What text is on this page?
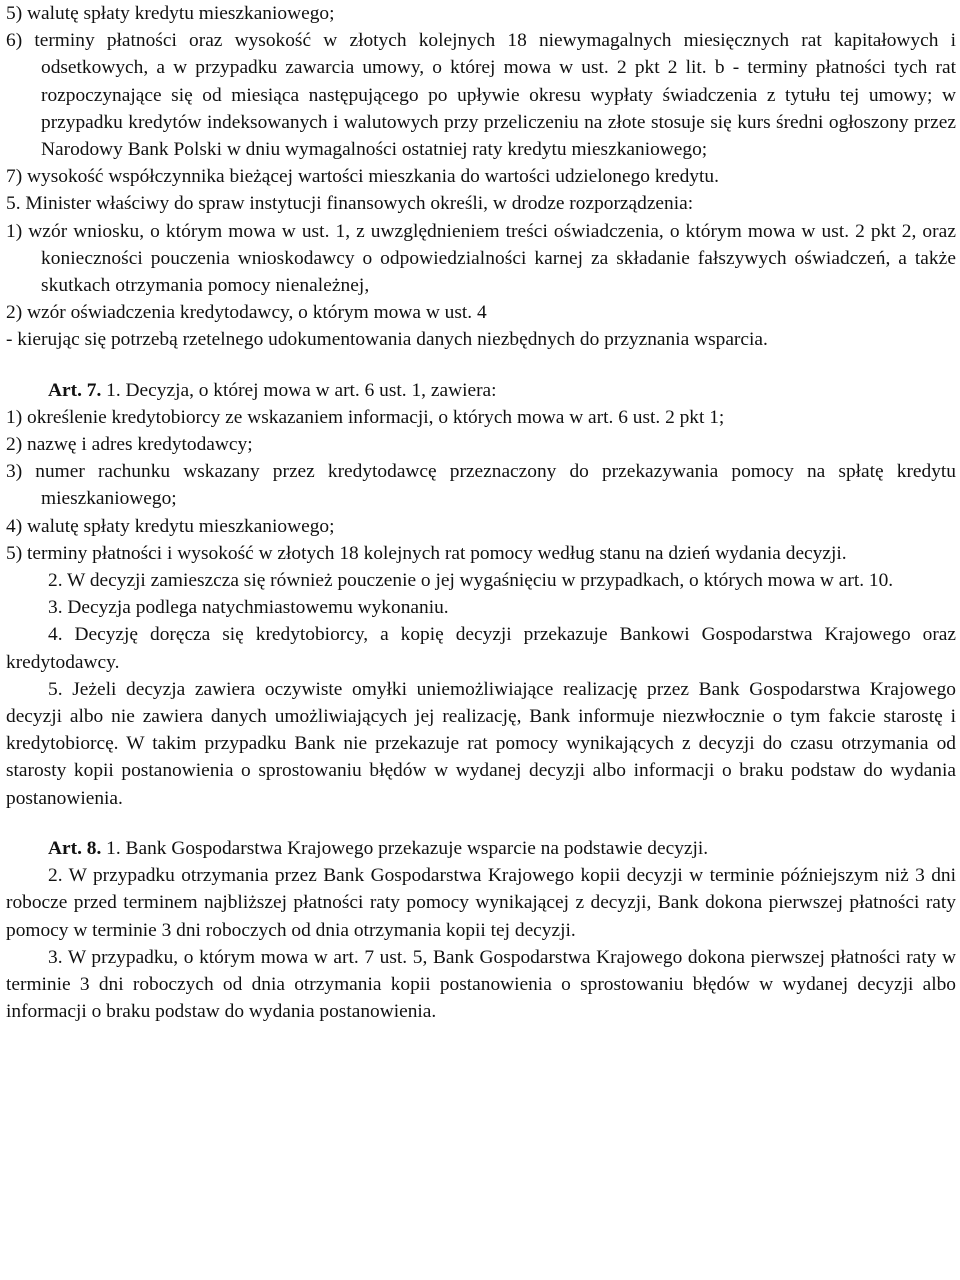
5) walutę spłaty kredytu mieszkaniowego;

6) terminy płatności oraz wysokość w złotych kolejnych 18 niewymagalnych miesięcznych rat kapitałowych i odsetkowych, a w przypadku zawarcia umowy, o której mowa w ust. 2 pkt 2 lit. b - terminy płatności tych rat rozpoczynające się od miesiąca następującego po upływie okresu wypłaty świadczenia z tytułu tej umowy; w przypadku kredytów indeksowanych i walutowych przy przeliczeniu na złote stosuje się kurs średni ogłoszony przez Narodowy Bank Polski w dniu wymagalności ostatniej raty kredytu mieszkaniowego;

7) wysokość współczynnika bieżącej wartości mieszkania do wartości udzielonego kredytu.

5. Minister właściwy do spraw instytucji finansowych określi, w drodze rozporządzenia:

1) wzór wniosku, o którym mowa w ust. 1, z uwzględnieniem treści oświadczenia, o którym mowa w ust. 2 pkt 2, oraz konieczności pouczenia wnioskodawcy o odpowiedzialności karnej za składanie fałszywych oświadczeń, a także skutkach otrzymania pomocy nienależnej,

2) wzór oświadczenia kredytodawcy, o którym mowa w ust. 4

- kierując się potrzebą rzetelnego udokumentowania danych niezbędnych do przyznania wsparcia.

Art. 7. 1. Decyzja, o której mowa w art. 6 ust. 1, zawiera:

1) określenie kredytobiorcy ze wskazaniem informacji, o których mowa w art. 6 ust. 2 pkt 1;

2) nazwę i adres kredytodawcy;

3) numer rachunku wskazany przez kredytodawcę przeznaczony do przekazywania pomocy na spłatę kredytu mieszkaniowego;

4) walutę spłaty kredytu mieszkaniowego;

5) terminy płatności i wysokość w złotych 18 kolejnych rat pomocy według stanu na dzień wydania decyzji.

2. W decyzji zamieszcza się również pouczenie o jej wygaśnięciu w przypadkach, o których mowa w art. 10.

3. Decyzja podlega natychmiastowemu wykonaniu.

4. Decyzję doręcza się kredytobiorcy, a kopię decyzji przekazuje Bankowi Gospodarstwa Krajowego oraz kredytodawcy.

5. Jeżeli decyzja zawiera oczywiste omyłki uniemożliwiające realizację przez Bank Gospodarstwa Krajowego decyzji albo nie zawiera danych umożliwiających jej realizację, Bank informuje niezwłocznie o tym fakcie starostę i kredytobiorcę. W takim przypadku Bank nie przekazuje rat pomocy wynikających z decyzji do czasu otrzymania od starosty kopii postanowienia o sprostowaniu błędów w wydanej decyzji albo informacji o braku podstaw do wydania postanowienia.

Art. 8. 1. Bank Gospodarstwa Krajowego przekazuje wsparcie na podstawie decyzji.

2. W przypadku otrzymania przez Bank Gospodarstwa Krajowego kopii decyzji w terminie późniejszym niż 3 dni robocze przed terminem najbliższej płatności raty pomocy wynikającej z decyzji, Bank dokona pierwszej płatności raty pomocy w terminie 3 dni roboczych od dnia otrzymania kopii tej decyzji.

3. W przypadku, o którym mowa w art. 7 ust. 5, Bank Gospodarstwa Krajowego dokona pierwszej płatności raty w terminie 3 dni roboczych od dnia otrzymania kopii postanowienia o sprostowaniu błędów w wydanej decyzji albo informacji o braku podstaw do wydania postanowienia.
